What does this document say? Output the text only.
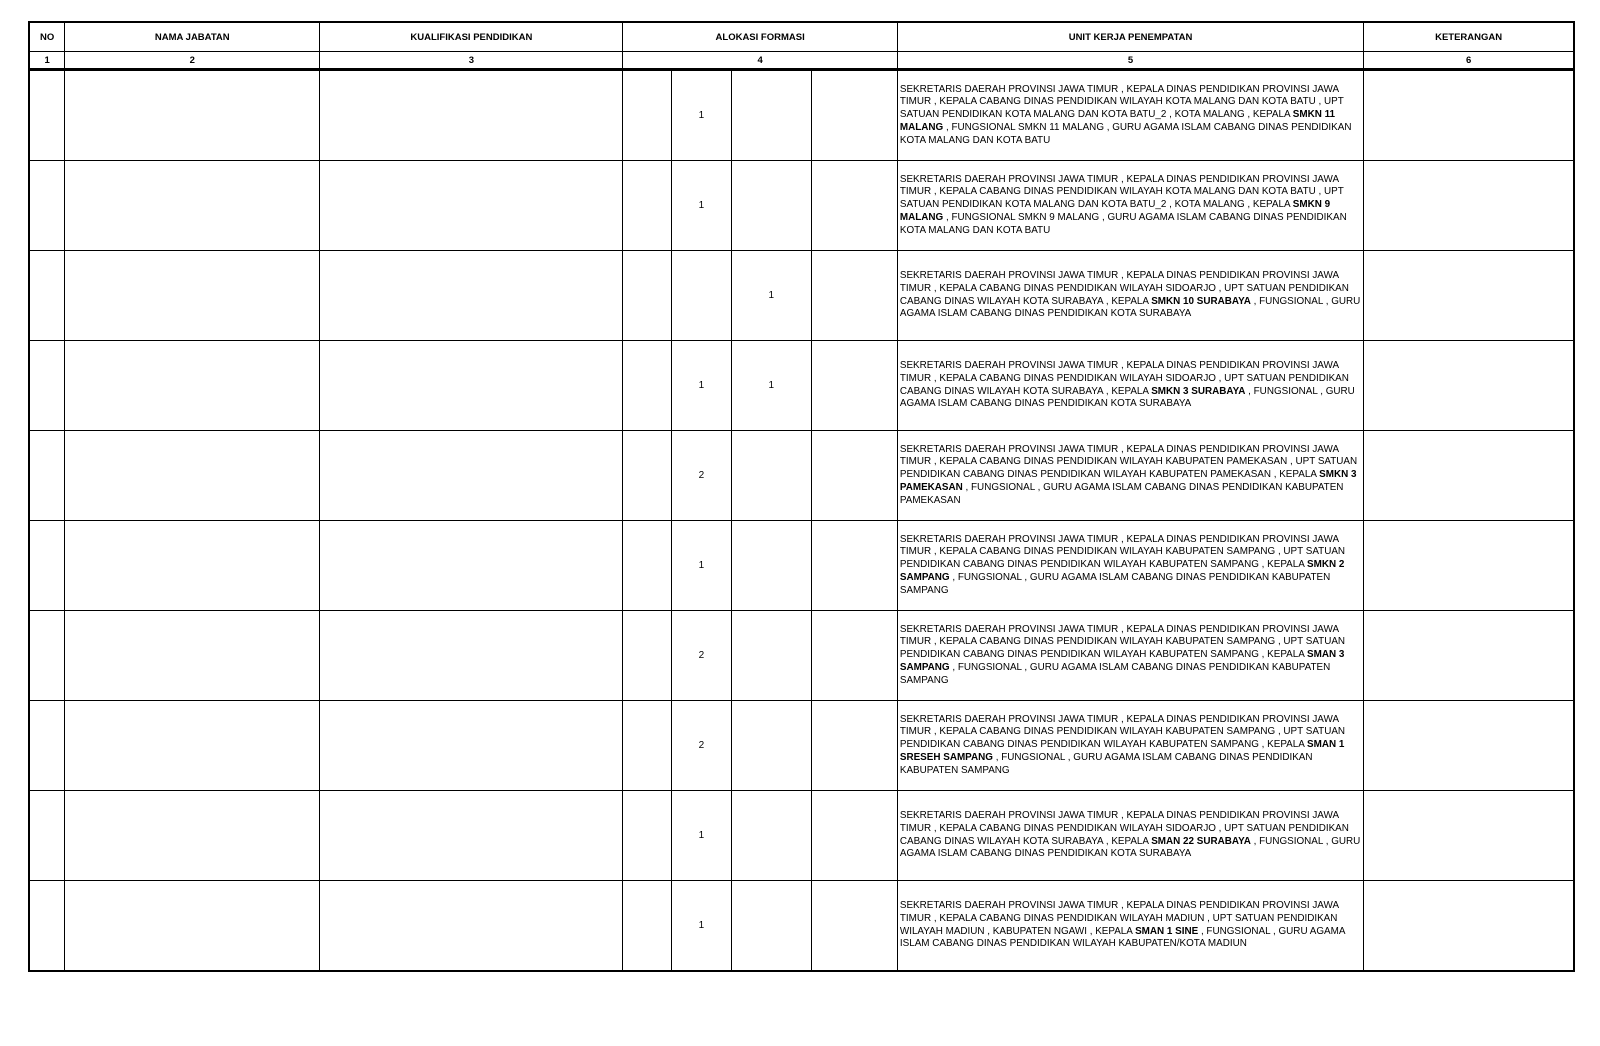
NO	NAMA JABATAN	KUALIFIKASI PENDIDIKAN	ALOKASI FORMASI				UNIT KERJA PENEMPATAN	KETERANGAN
1	2	3	4				5	6
				1			SEKRETARIS DAERAH PROVINSI JAWA TIMUR , KEPALA DINAS PENDIDIKAN PROVINSI JAWA TIMUR , KEPALA CABANG DINAS PENDIDIKAN WILAYAH KOTA MALANG DAN KOTA BATU , UPT SATUAN PENDIDIKAN KOTA MALANG DAN KOTA BATU_2 , KOTA MALANG , KEPALA SMKN 11 MALANG , FUNGSIONAL SMKN 11 MALANG , GURU AGAMA ISLAM CABANG DINAS PENDIDIKAN KOTA MALANG DAN KOTA BATU	
				1			SEKRETARIS DAERAH PROVINSI JAWA TIMUR , KEPALA DINAS PENDIDIKAN PROVINSI JAWA TIMUR , KEPALA CABANG DINAS PENDIDIKAN WILAYAH KOTA MALANG DAN KOTA BATU , UPT SATUAN PENDIDIKAN KOTA MALANG DAN KOTA BATU_2 , KOTA MALANG , KEPALA SMKN 9 MALANG , FUNGSIONAL SMKN 9 MALANG , GURU AGAMA ISLAM CABANG DINAS PENDIDIKAN KOTA MALANG DAN KOTA BATU	
					1		SEKRETARIS DAERAH PROVINSI JAWA TIMUR , KEPALA DINAS PENDIDIKAN PROVINSI JAWA TIMUR , KEPALA CABANG DINAS PENDIDIKAN WILAYAH SIDOARJO , UPT SATUAN PENDIDIKAN CABANG DINAS WILAYAH KOTA SURABAYA , KEPALA SMKN 10 SURABAYA , FUNGSIONAL , GURU AGAMA ISLAM CABANG DINAS PENDIDIKAN KOTA SURABAYA	
				1	1		SEKRETARIS DAERAH PROVINSI JAWA TIMUR , KEPALA DINAS PENDIDIKAN PROVINSI JAWA TIMUR , KEPALA CABANG DINAS PENDIDIKAN WILAYAH SIDOARJO , UPT SATUAN PENDIDIKAN CABANG DINAS WILAYAH KOTA SURABAYA , KEPALA SMKN 3 SURABAYA , FUNGSIONAL , GURU AGAMA ISLAM CABANG DINAS PENDIDIKAN KOTA SURABAYA	
				2			SEKRETARIS DAERAH PROVINSI JAWA TIMUR , KEPALA DINAS PENDIDIKAN PROVINSI JAWA TIMUR , KEPALA CABANG DINAS PENDIDIKAN WILAYAH KABUPATEN PAMEKASAN , UPT SATUAN PENDIDIKAN CABANG DINAS PENDIDIKAN WILAYAH KABUPATEN PAMEKASAN , KEPALA SMKN 3 PAMEKASAN , FUNGSIONAL , GURU AGAMA ISLAM CABANG DINAS PENDIDIKAN KABUPATEN PAMEKASAN	
				1			SEKRETARIS DAERAH PROVINSI JAWA TIMUR , KEPALA DINAS PENDIDIKAN PROVINSI JAWA TIMUR , KEPALA CABANG DINAS PENDIDIKAN WILAYAH KABUPATEN SAMPANG , UPT SATUAN PENDIDIKAN CABANG DINAS PENDIDIKAN WILAYAH KABUPATEN SAMPANG , KEPALA SMKN 2 SAMPANG , FUNGSIONAL , GURU AGAMA ISLAM CABANG DINAS PENDIDIKAN KABUPATEN SAMPANG	
				2			SEKRETARIS DAERAH PROVINSI JAWA TIMUR , KEPALA DINAS PENDIDIKAN PROVINSI JAWA TIMUR , KEPALA CABANG DINAS PENDIDIKAN WILAYAH KABUPATEN SAMPANG , UPT SATUAN PENDIDIKAN CABANG DINAS PENDIDIKAN WILAYAH KABUPATEN SAMPANG , KEPALA SMAN 3 SAMPANG , FUNGSIONAL , GURU AGAMA ISLAM CABANG DINAS PENDIDIKAN KABUPATEN SAMPANG	
				2			SEKRETARIS DAERAH PROVINSI JAWA TIMUR , KEPALA DINAS PENDIDIKAN PROVINSI JAWA TIMUR , KEPALA CABANG DINAS PENDIDIKAN WILAYAH KABUPATEN SAMPANG , UPT SATUAN PENDIDIKAN CABANG DINAS PENDIDIKAN WILAYAH KABUPATEN SAMPANG , KEPALA SMAN 1 SRESEH SAMPANG , FUNGSIONAL , GURU AGAMA ISLAM CABANG DINAS PENDIDIKAN KABUPATEN SAMPANG	
				1			SEKRETARIS DAERAH PROVINSI JAWA TIMUR , KEPALA DINAS PENDIDIKAN PROVINSI JAWA TIMUR , KEPALA CABANG DINAS PENDIDIKAN WILAYAH SIDOARJO , UPT SATUAN PENDIDIKAN CABANG DINAS WILAYAH KOTA SURABAYA , KEPALA SMAN 22 SURABAYA , FUNGSIONAL , GURU AGAMA ISLAM CABANG DINAS PENDIDIKAN KOTA SURABAYA	
				1			SEKRETARIS DAERAH PROVINSI JAWA TIMUR , KEPALA DINAS PENDIDIKAN PROVINSI JAWA TIMUR , KEPALA CABANG DINAS PENDIDIKAN WILAYAH MADIUN , UPT SATUAN PENDIDIKAN WILAYAH MADIUN , KABUPATEN NGAWI , KEPALA SMAN 1 SINE , FUNGSIONAL , GURU AGAMA ISLAM CABANG DINAS PENDIDIKAN WILAYAH KABUPATEN/KOTA MADIUN	
